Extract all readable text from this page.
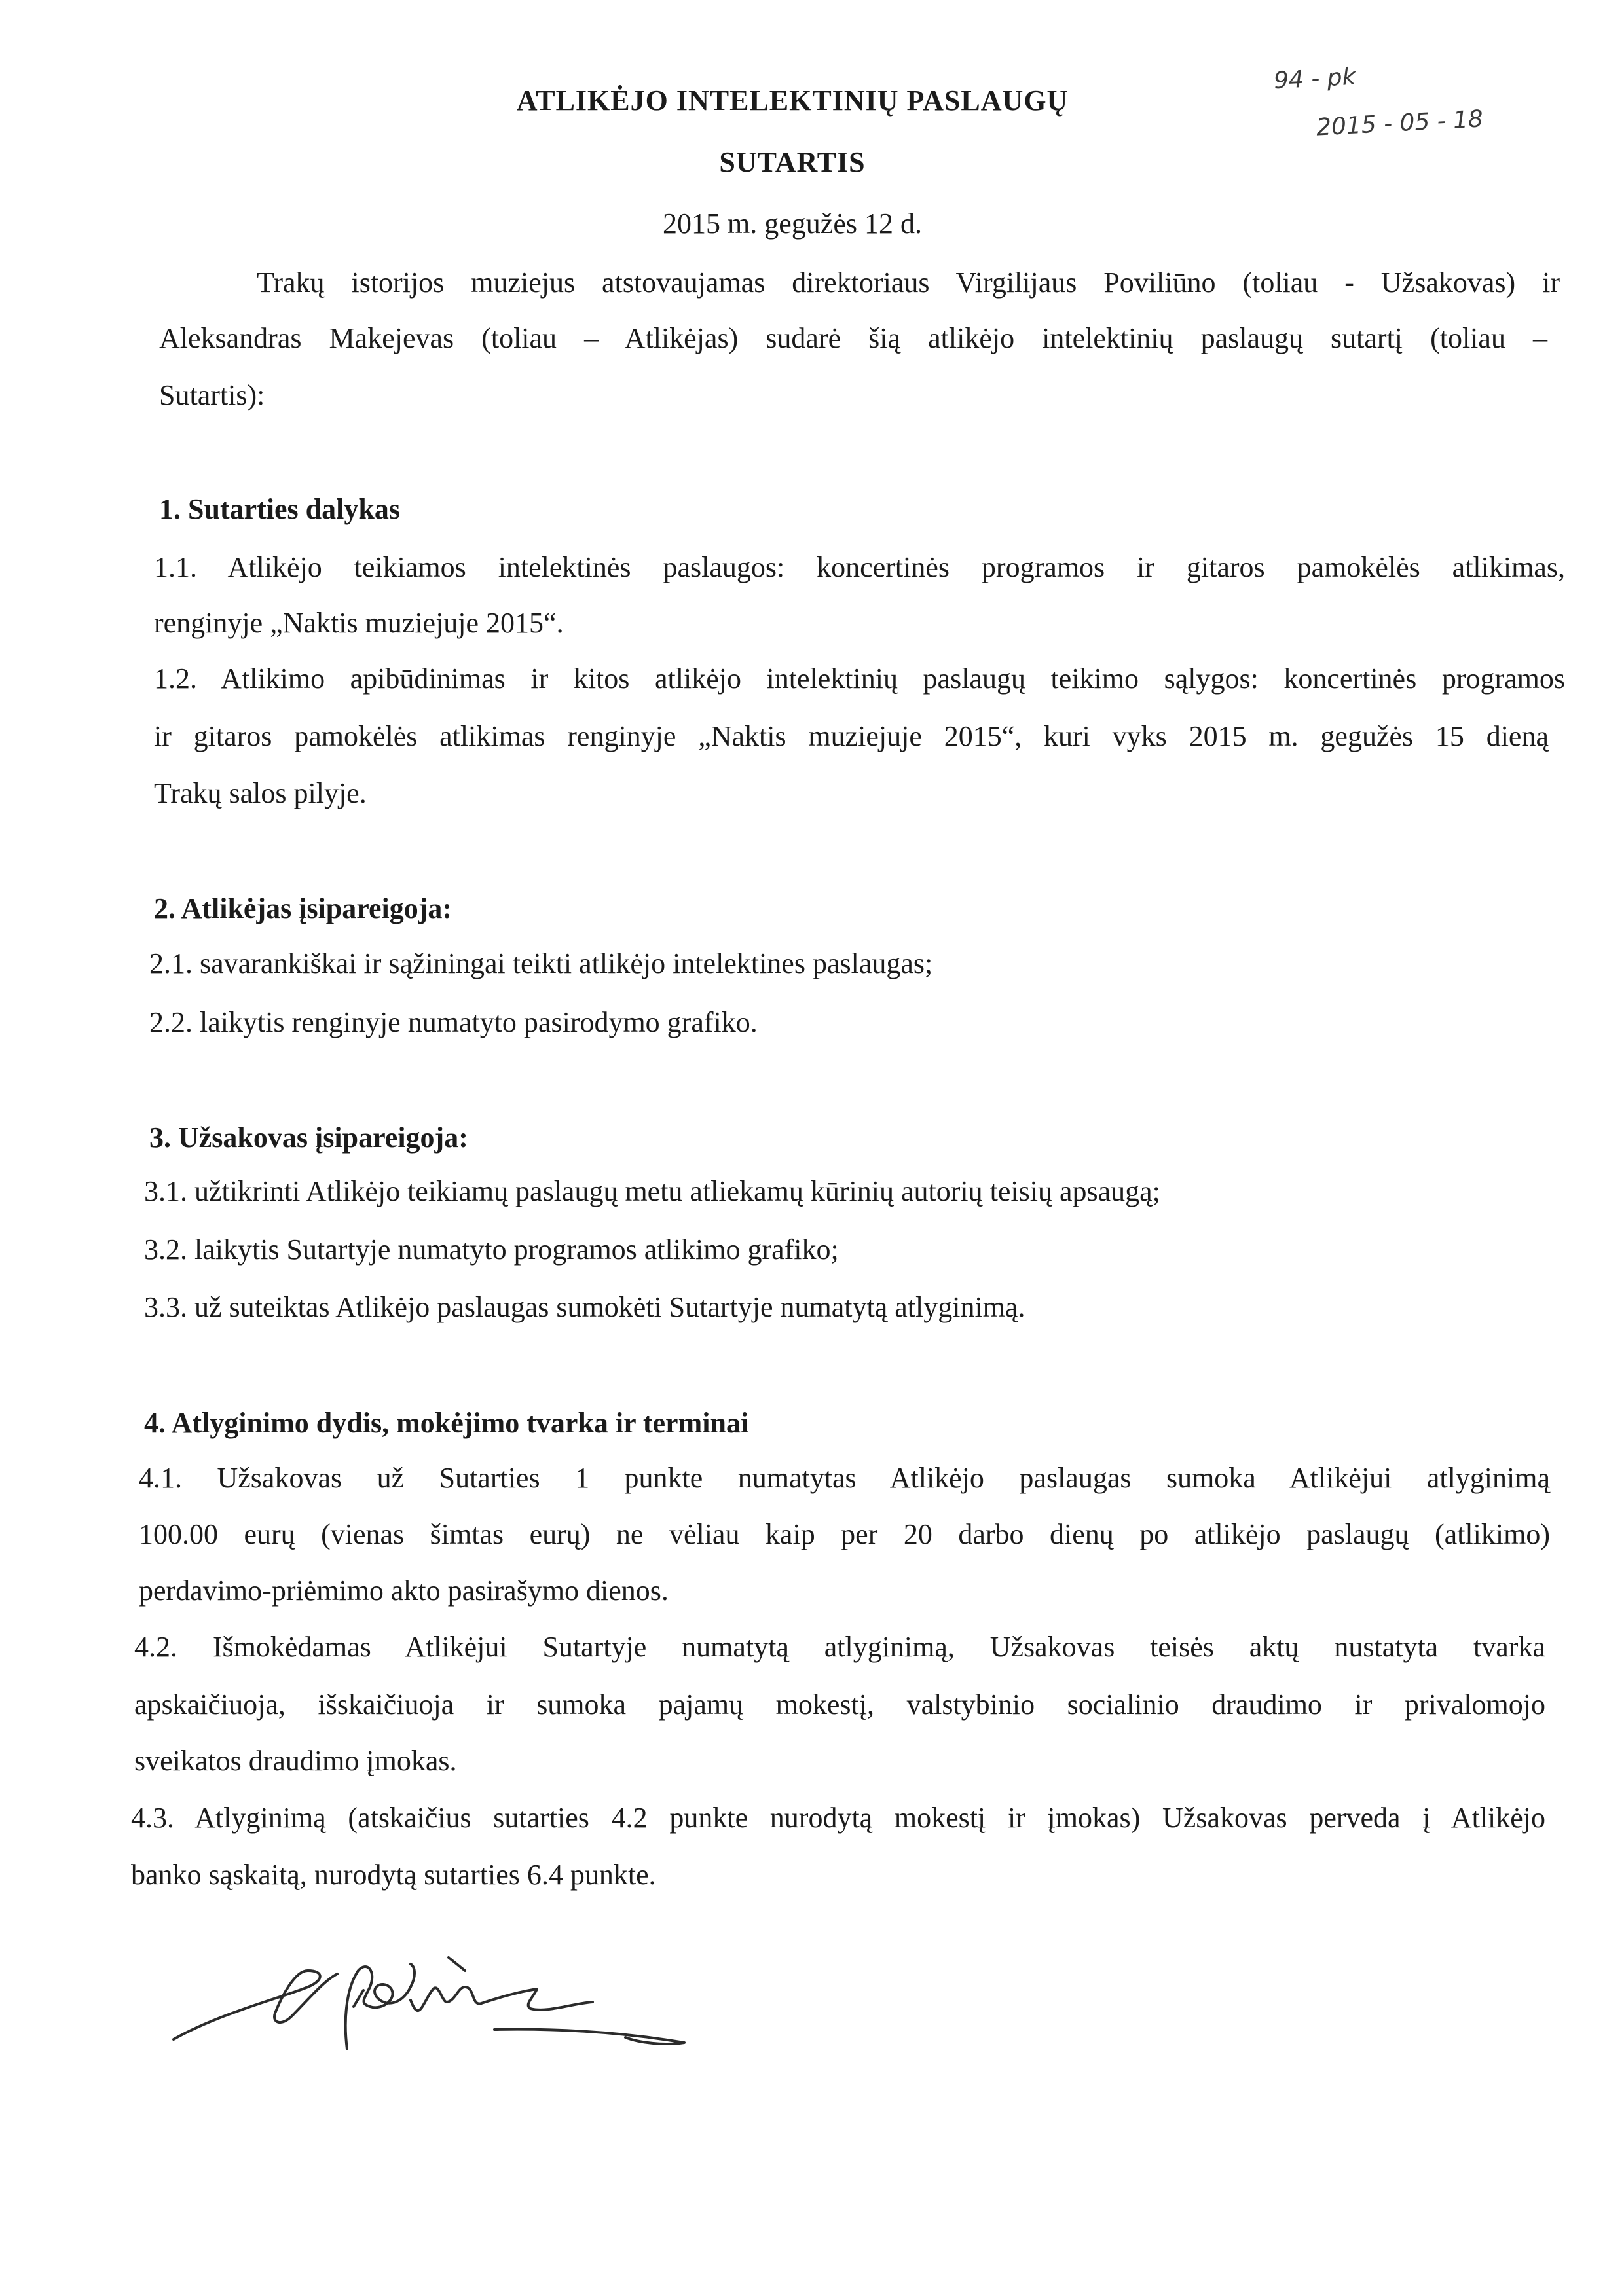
ATLIKĖJO INTELEKTINIŲ PASLAUGŲ
SUTARTIS
94 - pk
2015 - 05 - 18
2015 m. gegužės 12 d.
Trakų istorijos muziejus atstovaujamas direktoriaus Virgilijaus Poviliūno (toliau - Užsakovas) ir
Aleksandras Makejevas (toliau – Atlikėjas) sudarė šią atlikėjo intelektinių paslaugų sutartį (toliau –
Sutartis):
1. Sutarties dalykas
1.1. Atlikėjo teikiamos intelektinės paslaugos: koncertinės programos ir gitaros pamokėlės atlikimas,
renginyje „Naktis muziejuje 2015“.
1.2. Atlikimo apibūdinimas ir kitos atlikėjo intelektinių paslaugų teikimo sąlygos: koncertinės programos
ir gitaros pamokėlės atlikimas renginyje „Naktis muziejuje 2015“, kuri vyks 2015 m. gegužės 15 dieną
Trakų salos pilyje.
2. Atlikėjas įsipareigoja:
2.1. savarankiškai ir sąžiningai teikti atlikėjo intelektines paslaugas;
2.2. laikytis renginyje numatyto pasirodymo grafiko.
3. Užsakovas įsipareigoja:
3.1. užtikrinti Atlikėjo teikiamų paslaugų metu atliekamų kūrinių autorių teisių apsaugą;
3.2. laikytis Sutartyje numatyto programos atlikimo grafiko;
3.3. už suteiktas Atlikėjo paslaugas sumokėti Sutartyje numatytą atlyginimą.
4. Atlyginimo dydis, mokėjimo tvarka ir terminai
4.1. Užsakovas už Sutarties 1 punkte numatytas Atlikėjo paslaugas sumoka Atlikėjui atlyginimą
100.00 eurų (vienas šimtas eurų) ne vėliau kaip per 20 darbo dienų po atlikėjo paslaugų (atlikimo)
perdavimo-priėmimo akto pasirašymo dienos.
4.2. Išmokėdamas Atlikėjui Sutartyje numatytą atlyginimą, Užsakovas teisės aktų nustatyta tvarka
apskaičiuoja, išskaičiuoja ir sumoka pajamų mokestį, valstybinio socialinio draudimo ir privalomojo
sveikatos draudimo įmokas.
4.3. Atlyginimą (atskaičius sutarties 4.2 punkte nurodytą mokestį ir įmokas) Užsakovas perveda į Atlikėjo
banko sąskaitą, nurodytą sutarties 6.4 punkte.
